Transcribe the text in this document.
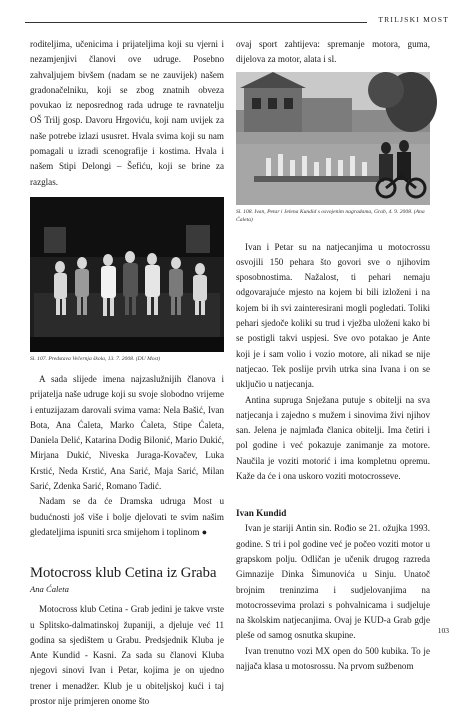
TRILJSKI MOST

roditeljima, učenicima i prijateljima koji su vjerni i nezamjenjivi članovi ove udruge. Posebno zahvaljujem bivšem (nadam se ne zauvijek) našem gradonačelniku, koji se zbog znatnih obveza povukao iz neposrednog rada udruge te ravnatelju OŠ Trilj gosp. Davoru Hrgoviću, koji nam uvijek za naše potrebe izlazi ususret. Hvala svima koji su nam pomagali u izradi scenografije i kostima. Hvala i našem Stipi Delongi – Šefiću, koji se brine za razglas.

Sl. 107. Predstava Večernja škola, 13. 7. 2008. (DU Most)

A sada slijede imena najzaslužnijih članova i prijatelja naše udruge koji su svoje slobodno vrijeme i entuzijazam darovali svima vama: Nela Bašić, Ivan Bota, Ana Ćaleta, Marko Ćaleta, Stipe Ćaleta, Daniela Delić, Katarina Dodig Bilonić, Mario Dukić, Mirjana Dukić, Niveska Juraga-Kovačev, Luka Krstić, Neda Krstić, Ana Sarić, Maja Sarić, Milan Sarić, Zdenka Sarić, Romano Tadić.

Nadam se da će Dramska udruga Most u budućnosti još više i bolje djelovati te svim našim gledateljima ispuniti srca smijehom i toplinom ●

Motocross klub Cetina iz Graba
Ana Ćaleta

Motocross klub Cetina - Grab jedini je takve vrste u Splitsko-dalmatinskoj županiji, a djeluje već 11 godina sa sjedištem u Grabu. Predsjednik Kluba je Ante Kundid - Kasni. Za sada su članovi Kluba njegovi sinovi Ivan i Petar, kojima je on ujedno trener i menadžer. Klub je u obiteljskoj kući i taj prostor nije primjeren onome što

ovaj sport zahtijeva: spremanje motora, guma, dijelova za motor, alata i sl.

Sl. 108. Ivan, Petar i Jelena Kundid s osvojenim nagradama, Grab, 4. 9. 2008. (Ana Ćaleta)

Ivan i Petar su na natjecanjima u motocrossu osvojili 150 pehara što govori sve o njihovim sposobnostima. Nažalost, ti pehari nemaju odgovarajuće mjesto na kojem bi bili izloženi i na kojem bi ih svi zainteresirani mogli pogledati. Toliki pehari sjedoče koliki su trud i vježba uloženi kako bi se postigli takvi uspjesi. Sve ovo potakao je Ante koji je i sam volio i vozio motore, ali nikad se nije natjecao. Tek poslije prvih utrka sina Ivana i on se uključio u natjecanja.

Antina supruga Snježana putuje s obitelji na sva natjecanja i zajedno s mužem i sinovima živi njihov san. Jelena je najmlađa članica obitelji. Ima četiri i pol godine i već pokazuje zanimanje za motore. Naučila je voziti motorić i ima kompletnu opremu. Kaže da će i ona uskoro voziti motocrosseve.

Ivan Kundid

Ivan je stariji Antin sin. Rođio se 21. ožujka 1993. godine. S tri i pol godine već je počeo voziti motor u grapskom polju. Odličan je učenik drugog razreda Gimnazije Dinka Šimunovića u Sinju. Unatoč brojnim treninzima i sudjelovanjima na motocrossevima prolazi s pohvalnicama i sudjeluje na školskim natjecanjima. Ovaj je KUD-a Grab gdje pleše od samog osnutka skupine.

Ivan trenutno vozi MX open do 500 kubika. To je najjača klasa u motosrossu. Na prvom sužbenom

103
